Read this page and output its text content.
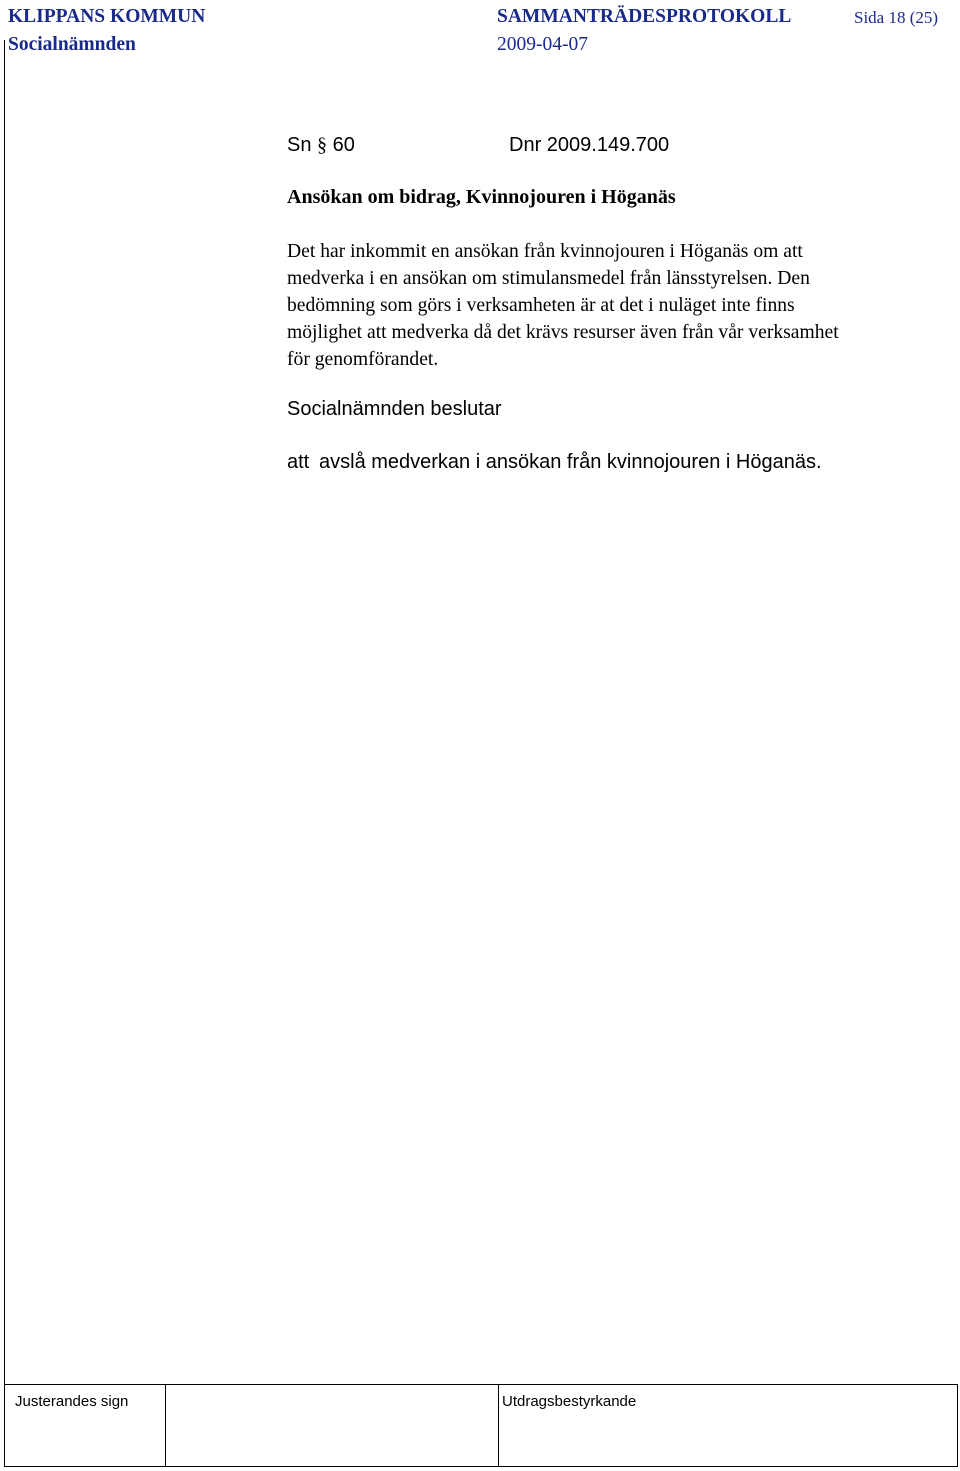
KLIPPANS KOMMUN
Socialnämnden
SAMMANTRÄDESPROTOKOLL	Sida 18 (25)
2009-04-07
Sn § 60	Dnr 2009.149.700
Ansökan om bidrag, Kvinnojouren i Höganäs
Det har inkommit en ansökan från kvinnojouren i Höganäs om att
medverka i en ansökan om stimulansmedel från länsstyrelsen. Den
bedömning som görs i verksamheten är at det i nuläget inte finns
möjlighet att medverka då det krävs resurser även från vår verksamhet
för genomförandet.
Socialnämnden beslutar
att avslå medverkan i ansökan från kvinnojouren i Höganäs.
Justerandes sign	Utdragsbestyrkande
